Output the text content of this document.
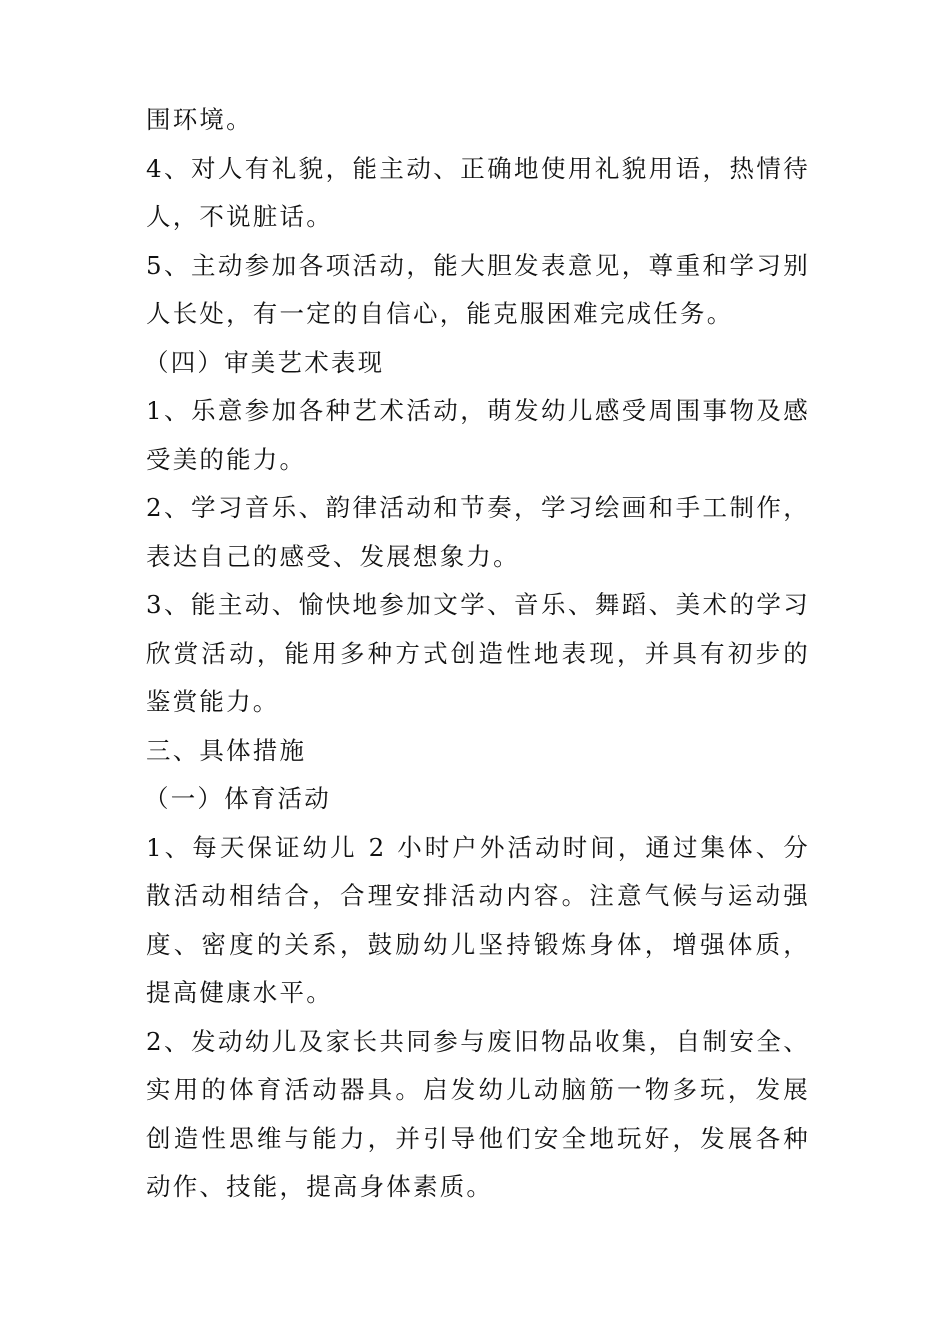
围环境。

4、对人有礼貌，能主动、正确地使用礼貌用语，热情待人，不说脏话。

5、主动参加各项活动，能大胆发表意见，尊重和学习别人长处，有一定的自信心，能克服困难完成任务。

（四）审美艺术表现

1、乐意参加各种艺术活动，萌发幼儿感受周围事物及感受美的能力。

2、学习音乐、韵律活动和节奏，学习绘画和手工制作，表达自己的感受、发展想象力。

3、能主动、愉快地参加文学、音乐、舞蹈、美术的学习欣赏活动，能用多种方式创造性地表现，并具有初步的鉴赏能力。

三、具体措施

（一）体育活动

1、每天保证幼儿 2 小时户外活动时间，通过集体、分散活动相结合，合理安排活动内容。注意气候与运动强度、密度的关系，鼓励幼儿坚持锻炼身体，增强体质，提高健康水平。

2、发动幼儿及家长共同参与废旧物品收集，自制安全、实用的体育活动器具。启发幼儿动脑筋一物多玩，发展创造性思维与能力，并引导他们安全地玩好，发展各种动作、技能，提高身体素质。
